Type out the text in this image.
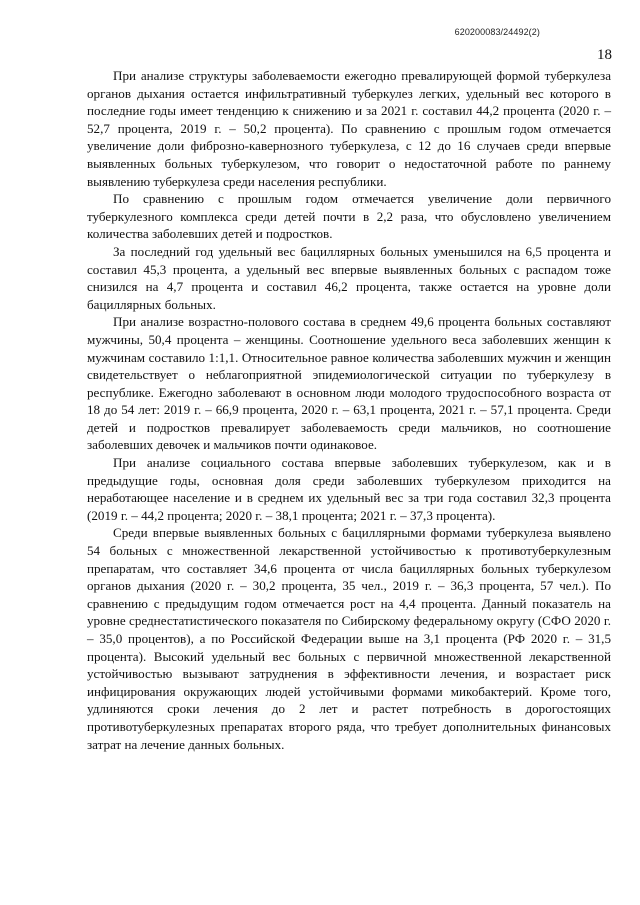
620200083/24492(2)
18

При анализе структуры заболеваемости ежегодно превалирующей формой туберкулеза органов дыхания остается инфильтративный туберкулез легких, удельный вес которого в последние годы имеет тенденцию к снижению и за 2021 г. составил 44,2 процента (2020 г. – 52,7 процента, 2019 г. – 50,2 процента). По сравнению с прошлым годом отмечается увеличение доли фиброзно-кавернозного туберкулеза, с 12 до 16 случаев среди впервые выявленных больных туберкулезом, что говорит о недостаточной работе по раннему выявлению туберкулеза среди населения республики.

По сравнению с прошлым годом отмечается увеличение доли первичного туберкулезного комплекса среди детей почти в 2,2 раза, что обусловлено увеличением количества заболевших детей и подростков.

За последний год удельный вес бациллярных больных уменьшился на 6,5 процента и составил 45,3 процента, а удельный вес впервые выявленных больных с распадом тоже снизился на 4,7 процента и составил 46,2 процента, также остается на уровне доли бациллярных больных.

При анализе возрастно-полового состава в среднем 49,6 процента больных составляют мужчины, 50,4 процента – женщины. Соотношение удельного веса заболевших женщин к мужчинам составило 1:1,1. Относительное равное количества заболевших мужчин и женщин свидетельствует о неблагоприятной эпидемиологической ситуации по туберкулезу в республике. Ежегодно заболевают в основном люди молодого трудоспособного возраста от 18 до 54 лет: 2019 г. – 66,9 процента, 2020 г. – 63,1 процента, 2021 г. – 57,1 процента. Среди детей и подростков превалирует заболеваемость среди мальчиков, но соотношение заболевших девочек и мальчиков почти одинаковое.

При анализе социального состава впервые заболевших туберкулезом, как и в предыдущие годы, основная доля среди заболевших туберкулезом приходится на неработающее население и в среднем их удельный вес за три года составил 32,3 процента (2019 г. – 44,2 процента; 2020 г. – 38,1 процента; 2021 г. – 37,3 процента).

Среди впервые выявленных больных с бациллярными формами туберкулеза выявлено 54 больных с множественной лекарственной устойчивостью к противотуберкулезным препаратам, что составляет 34,6 процента от числа бациллярных больных туберкулезом органов дыхания (2020 г. – 30,2 процента, 35 чел., 2019 г. – 36,3 процента, 57 чел.). По сравнению с предыдущим годом отмечается рост на 4,4 процента. Данный показатель на уровне среднестатистического показателя по Сибирскому федеральному округу (СФО 2020 г. – 35,0 процентов), а по Российской Федерации выше на 3,1 процента (РФ 2020 г. – 31,5 процента). Высокий удельный вес больных с первичной множественной лекарственной устойчивостью вызывают затруднения в эффективности лечения, и возрастает риск инфицирования окружающих людей устойчивыми формами микобактерий. Кроме того, удлиняются сроки лечения до 2 лет и растет потребность в дорогостоящих противотуберкулезных препаратах второго ряда, что требует дополнительных финансовых затрат на лечение данных больных.
